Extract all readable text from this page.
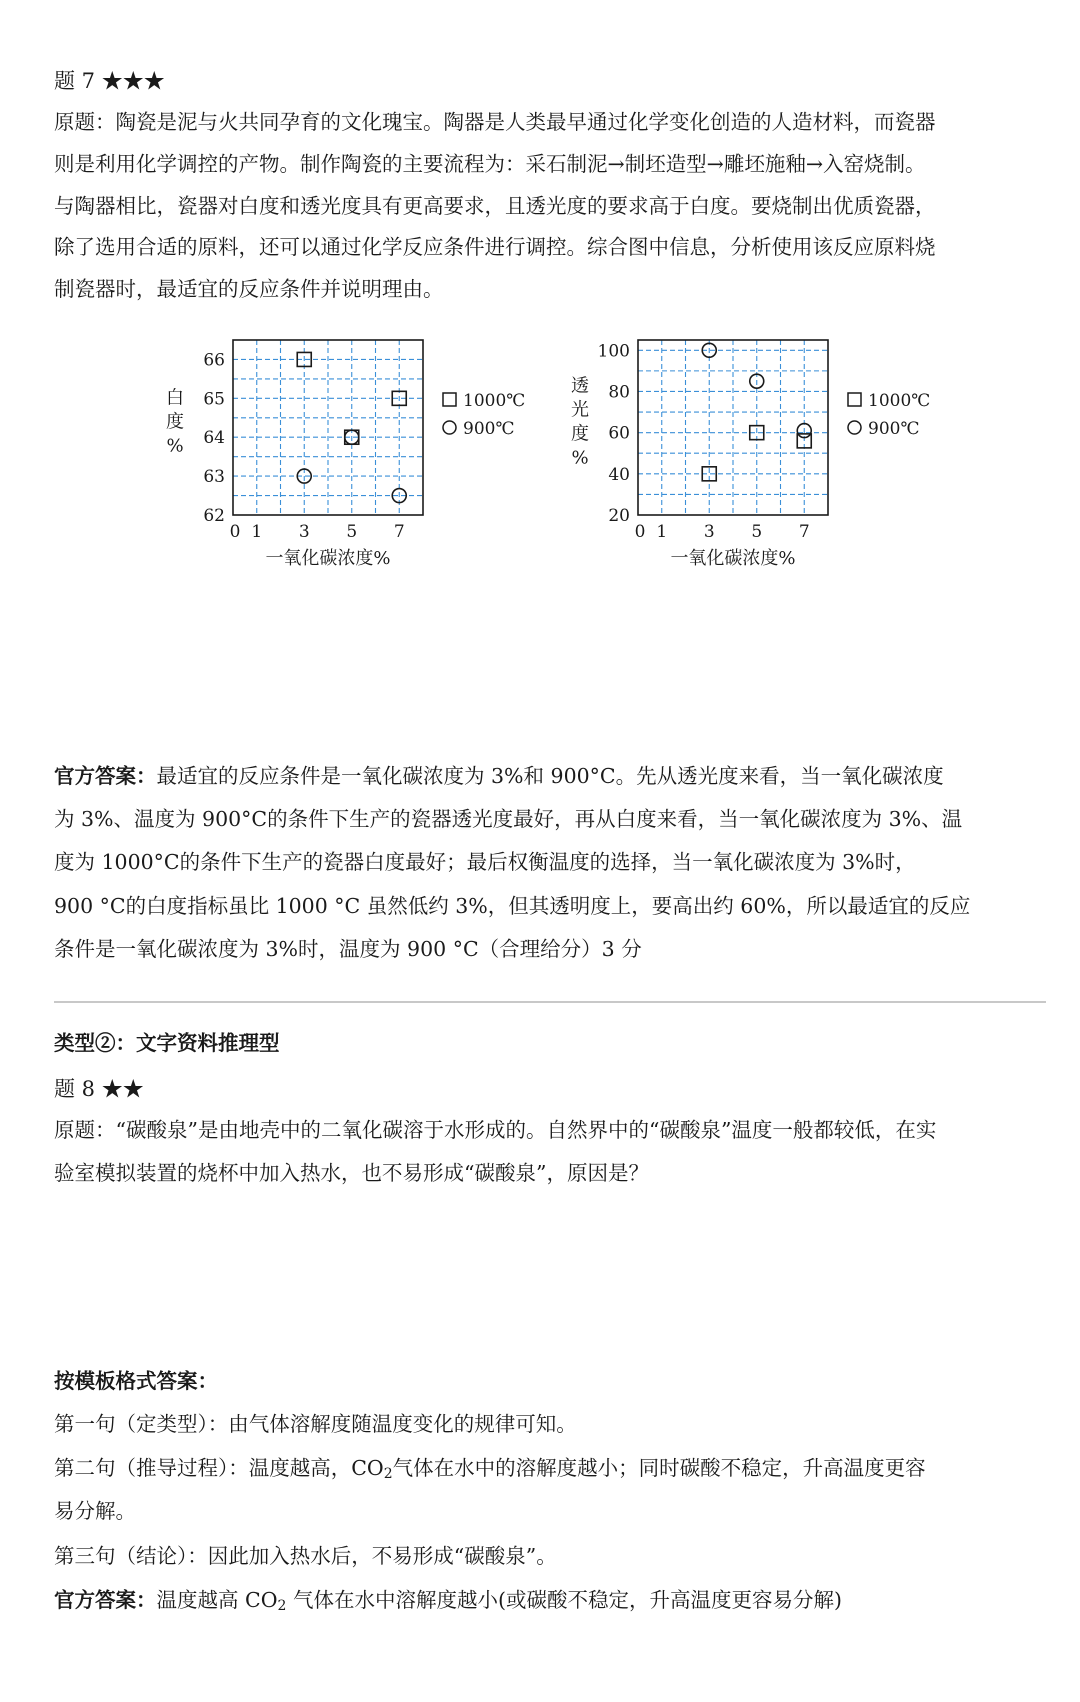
题 7 ★★★
原题：陶瓷是泥与火共同孕育的文化瑰宝。陶器是人类最早通过化学变化创造的人造材料，而瓷器
则是利用化学调控的产物。制作陶瓷的主要流程为：采石制泥→制坯造型→雕坯施釉→入窑烧制。
与陶器相比，瓷器对白度和透光度具有更高要求，且透光度的要求高于白度。要烧制出优质瓷器，
除了选用合适的原料，还可以通过化学反应条件进行调控。综合图中信息，分析使用该反应原料烧
制瓷器时，最适宜的反应条件并说明理由。
62
63
64
65
66
0 1 3 5 7
白度%
一氧化碳浓度%
1000℃
900℃
20
40
60
80
100
0 1 3 5 7
透光度%
一氧化碳浓度%
1000℃
900℃
官方答案：最适宜的反应条件是一氧化碳浓度为 3%和 900°C。先从透光度来看，当一氧化碳浓度
为 3%、温度为 900°C的条件下生产的瓷器透光度最好，再从白度来看，当一氧化碳浓度为 3%、温
度为 1000°C的条件下生产的瓷器白度最好；最后权衡温度的选择，当一氧化碳浓度为 3%时，
900 °C的白度指标虽比 1000 °C 虽然低约 3%，但其透明度上，要高出约 60%，所以最适宜的反应
条件是一氧化碳浓度为 3%时，温度为 900 °C（合理给分）3 分
类型②：文字资料推理型
题 8 ★★
原题：“碳酸泉”是由地壳中的二氧化碳溶于水形成的。自然界中的“碳酸泉”温度一般都较低，在实
验室模拟装置的烧杯中加入热水，也不易形成“碳酸泉”，原因是？
按模板格式答案：
第一句（定类型）：由气体溶解度随温度变化的规律可知。
第二句（推导过程）：温度越高，$CO_2$气体在水中的溶解度越小；同时碳酸不稳定，升高温度更容
易分解。
第三句（结论）：因此加入热水后，不易形成“碳酸泉”。
官方答案：温度越高 $CO_2$ 气体在水中溶解度越小(或碳酸不稳定，升高温度更容易分解)
